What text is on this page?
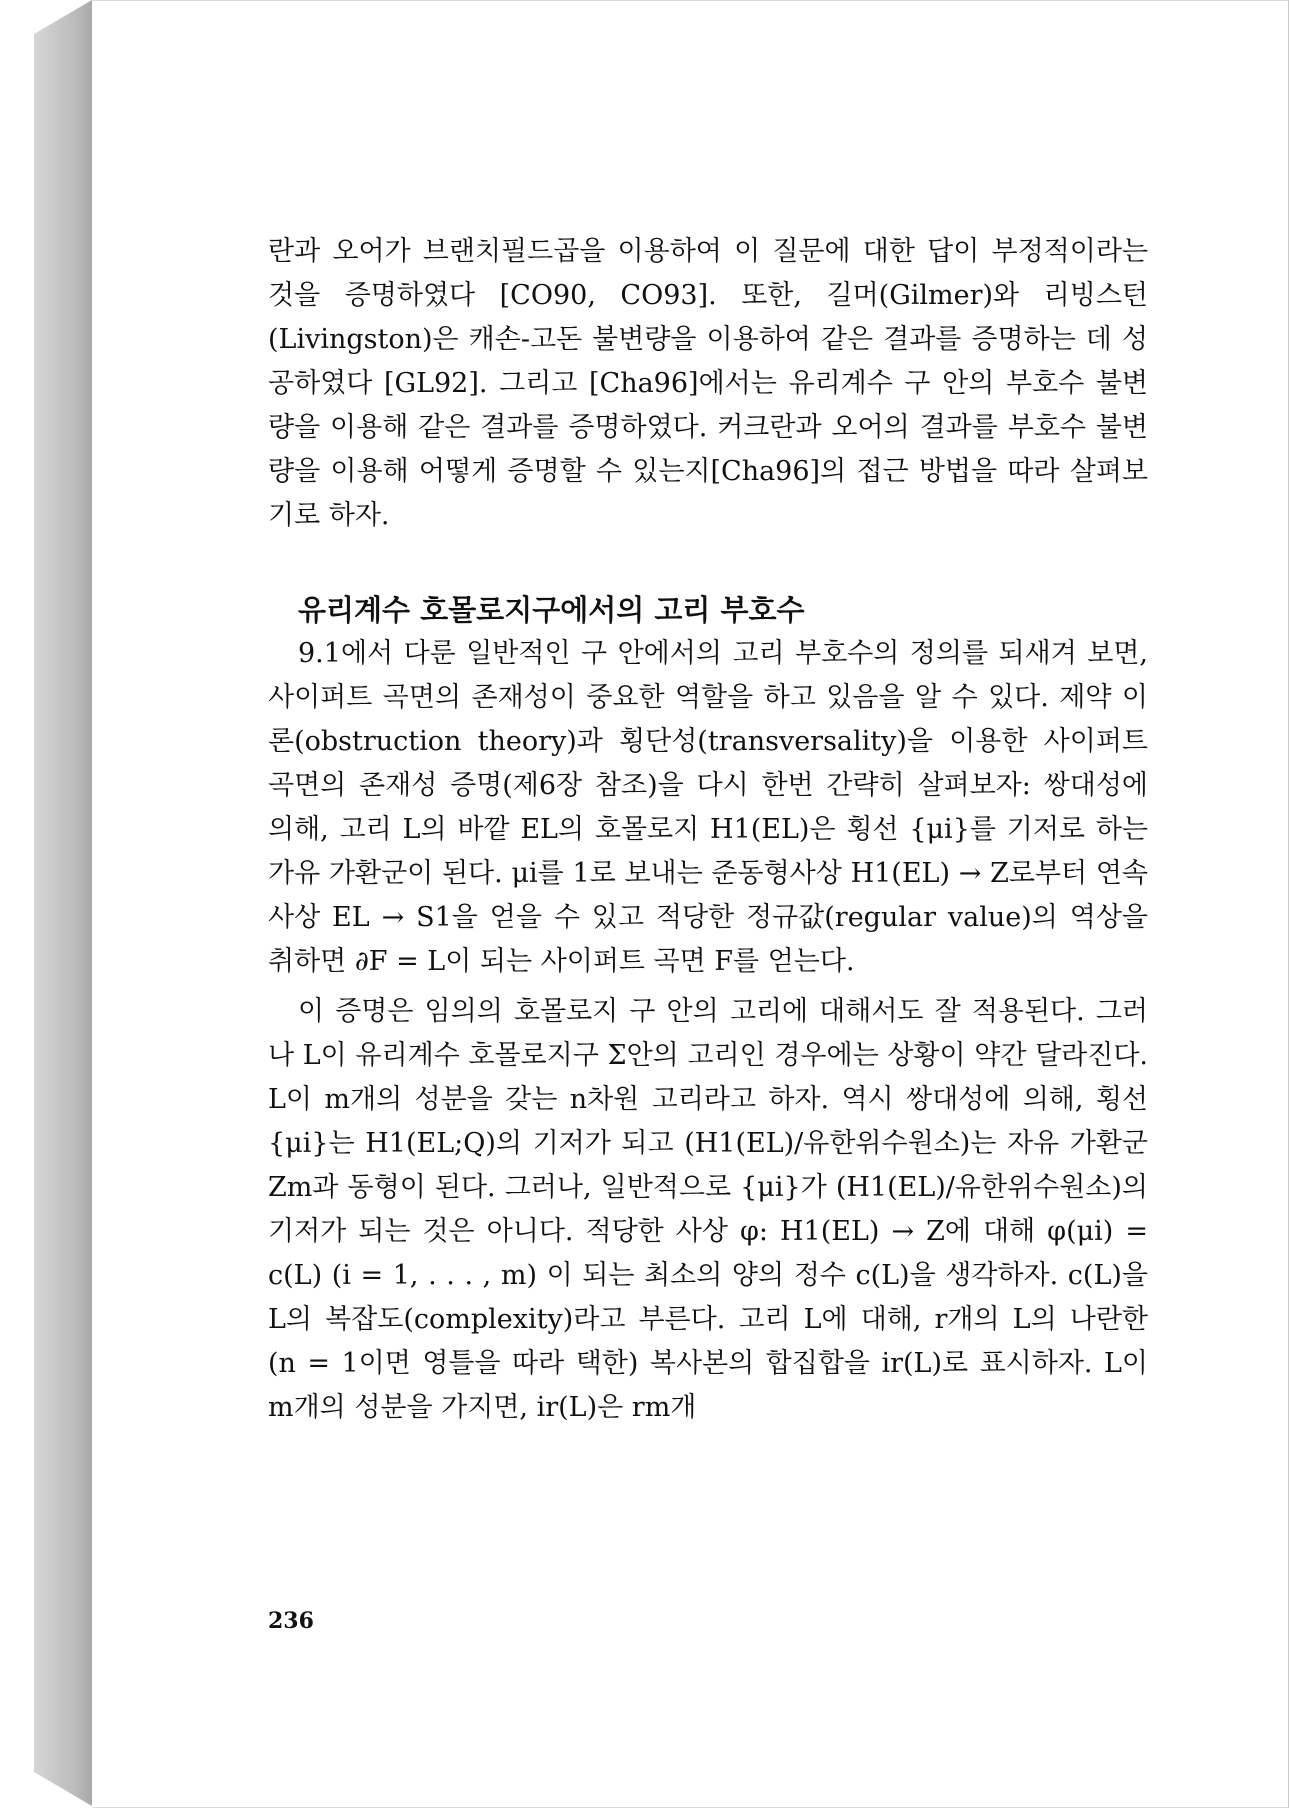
란과 오어가 브랜치필드곱을 이용하여 이 질문에 대한 답이 부정적이라는 것을 증명하였다 [CO90, CO93]. 또한, 길머(Gilmer)와 리빙스턴(Livingston)은 캐손-고돈 불변량을 이용하여 같은 결과를 증명하는 데 성공하였다 [GL92]. 그리고 [Cha96]에서는 유리계수 구 안의 부호수 불변량을 이용해 같은 결과를 증명하였다. 커크란과 오어의 결과를 부호수 불변량을 이용해 어떻게 증명할 수 있는지[Cha96]의 접근 방법을 따라 살펴보기로 하자.

유리계수 호몰로지구에서의 고리 부호수

9.1에서 다룬 일반적인 구 안에서의 고리 부호수의 정의를 되새겨 보면, 사이퍼트 곡면의 존재성이 중요한 역할을 하고 있음을 알 수 있다. 제약 이론(obstruction theory)과 횡단성(transversality)을 이용한 사이퍼트 곡면의 존재성 증명(제6장 참조)을 다시 한번 간략히 살펴보자: 쌍대성에 의해, 고리 L의 바깥 EL의 호몰로지 H1(EL)은 횡선 {μi}를 기저로 하는 가유 가환군이 된다. μi를 1로 보내는 준동형사상 H1(EL) → Z로부터 연속사상 EL → S1을 얻을 수 있고 적당한 정규값(regular value)의 역상을 취하면 ∂F = L이 되는 사이퍼트 곡면 F를 얻는다.

이 증명은 임의의 호몰로지 구 안의 고리에 대해서도 잘 적용된다. 그러나 L이 유리계수 호몰로지구 Σ안의 고리인 경우에는 상황이 약간 달라진다. L이 m개의 성분을 갖는 n차원 고리라고 하자. 역시 쌍대성에 의해, 횡선 {μi}는 H1(EL;Q)의 기저가 되고 (H1(EL)/유한위수원소)는 자유 가환군 Zm과 동형이 된다. 그러나, 일반적으로 {μi}가 (H1(EL)/유한위수원소)의 기저가 되는 것은 아니다. 적당한 사상 φ: H1(EL) → Z에 대해 φ(μi) = c(L) (i = 1, . . . , m) 이 되는 최소의 양의 정수 c(L)을 생각하자. c(L)을 L의 복잡도(complexity)라고 부른다. 고리 L에 대해, r개의 L의 나란한 (n = 1이면 영틀을 따라 택한) 복사본의 합집합을 ir(L)로 표시하자. L이 m개의 성분을 가지면, ir(L)은 rm개

236
